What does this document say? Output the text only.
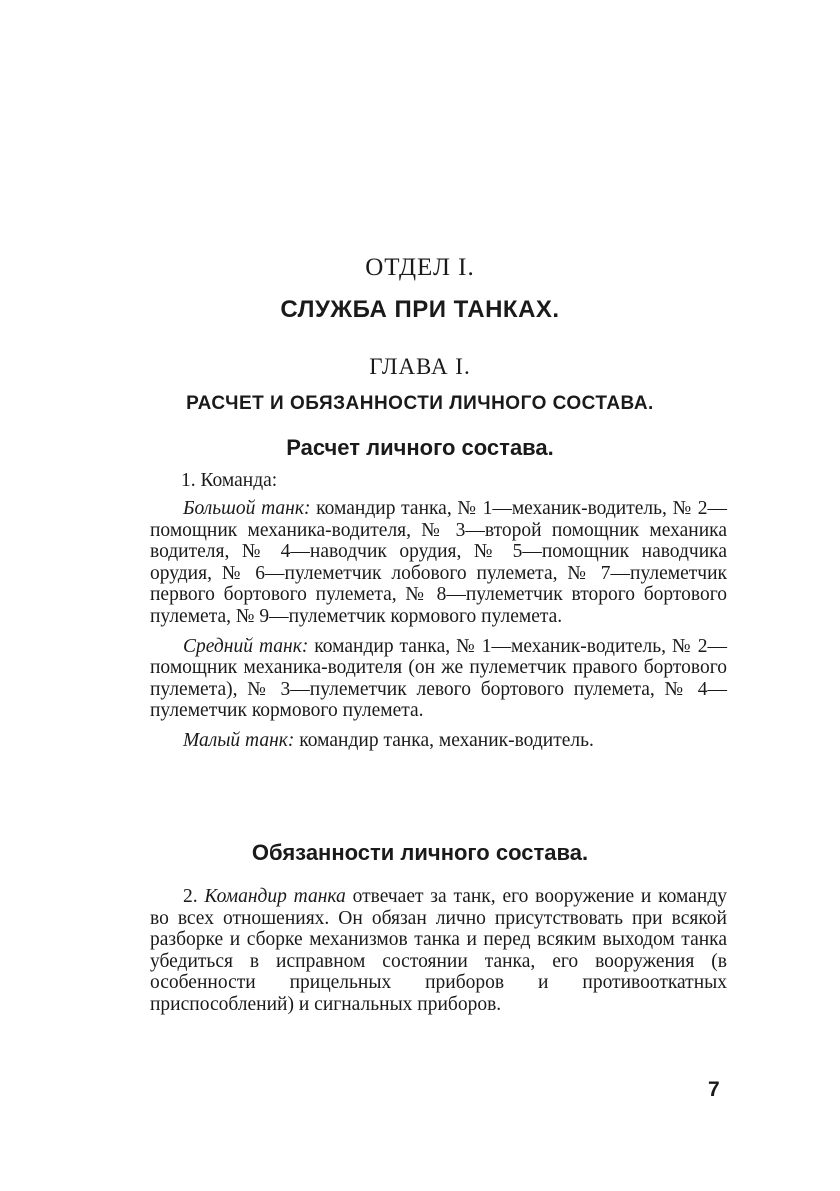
ОТДЕЛ I.
СЛУЖБА ПРИ ТАНКАХ.
ГЛАВА I.
РАСЧЕТ И ОБЯЗАННОСТИ ЛИЧНОГО СОСТАВА.
Расчет личного состава.
1. Команда:

Большой танк: командир танка, № 1—механик-водитель, № 2—помощник механика-водителя, № 3—второй помощник механика водителя, № 4—наводчик орудия, № 5—помощник наводчика орудия, № 6—пулеметчик лобового пулемета, № 7—пулеметчик первого бортового пулемета, № 8—пулеметчик второго бортового пулемета, № 9—пулеметчик кормового пулемета.

Средний танк: командир танка, № 1—механик-водитель, № 2—помощник механика-водителя (он же пулеметчик правого бортового пулемета), № 3—пулеметчик левого бортового пулемета, № 4—пулеметчик кормового пулемета.

Малый танк: командир танка, механик-водитель.

Обязанности личного состава.

2. Командир танка отвечает за танк, его вооружение и команду во всех отношениях. Он обязан лично присутствовать при всякой разборке и сборке механизмов танка и перед всяким выходом танка убедиться в исправном состоянии танка, его вооружения (в особенности прицельных приборов и противооткатных приспособлений) и сигнальных приборов.

7
